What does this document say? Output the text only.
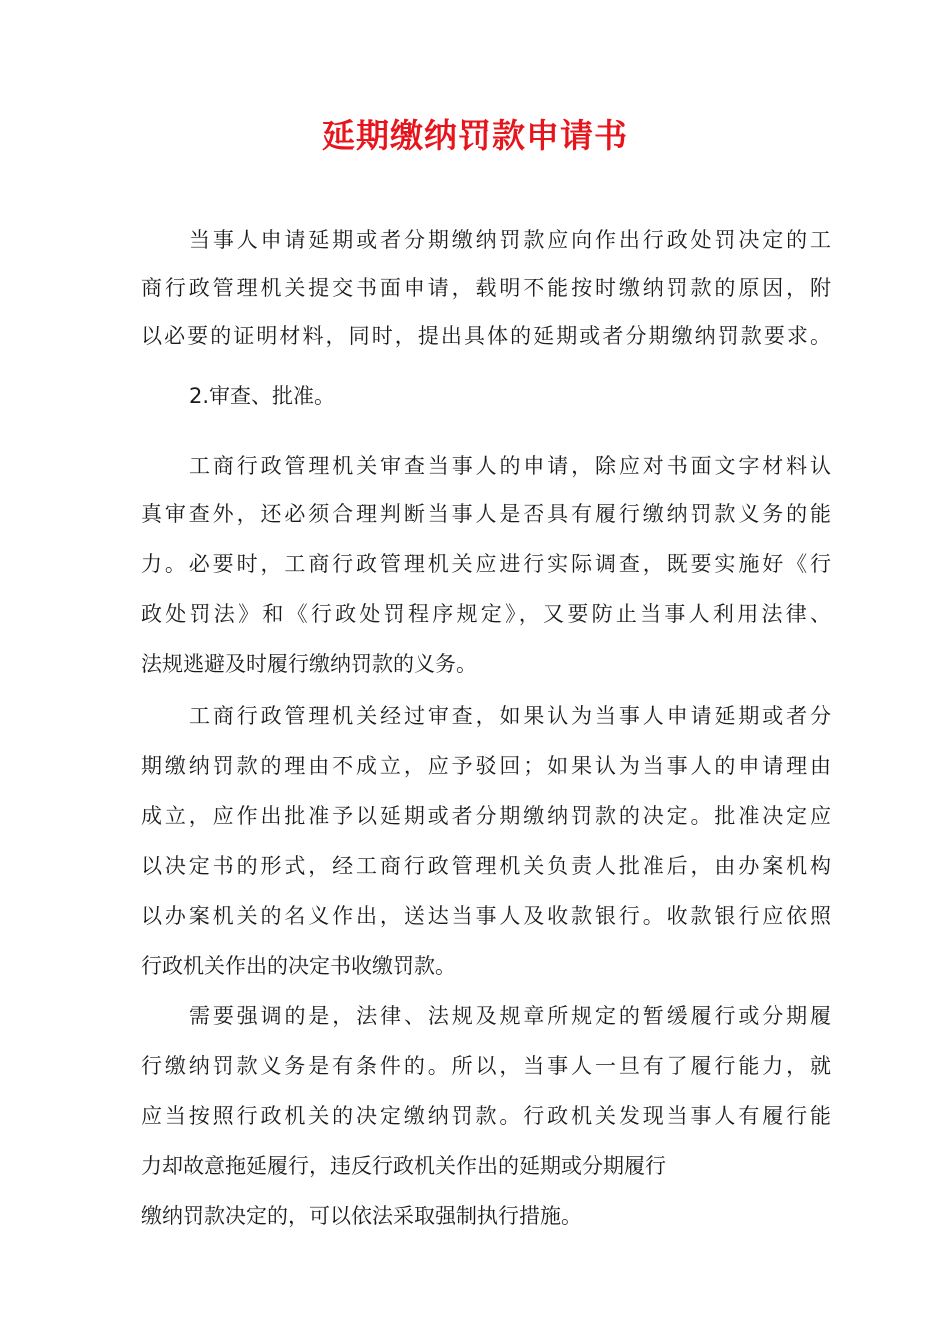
延期缴纳罚款申请书
当事人申请延期或者分期缴纳罚款应向作出行政处罚决定的工
商行政管理机关提交书面申请，载明不能按时缴纳罚款的原因，附
以必要的证明材料，同时，提出具体的延期或者分期缴纳罚款要求。
2.审查、批准。
工商行政管理机关审查当事人的申请，除应对书面文字材料认
真审查外，还必须合理判断当事人是否具有履行缴纳罚款义务的能
力。必要时，工商行政管理机关应进行实际调查，既要实施好《行
政处罚法》和《行政处罚程序规定》，又要防止当事人利用法律、
法规逃避及时履行缴纳罚款的义务。
工商行政管理机关经过审查，如果认为当事人申请延期或者分
期缴纳罚款的理由不成立，应予驳回；如果认为当事人的申请理由
成立，应作出批准予以延期或者分期缴纳罚款的决定。批准决定应
以决定书的形式，经工商行政管理机关负责人批准后，由办案机构
以办案机关的名义作出，送达当事人及收款银行。收款银行应依照
行政机关作出的决定书收缴罚款。
需要强调的是，法律、法规及规章所规定的暂缓履行或分期履
行缴纳罚款义务是有条件的。所以，当事人一旦有了履行能力，就
应当按照行政机关的决定缴纳罚款。行政机关发现当事人有履行能
力却故意拖延履行，违反行政机关作出的延期或分期履行
缴纳罚款决定的，可以依法采取强制执行措施。
